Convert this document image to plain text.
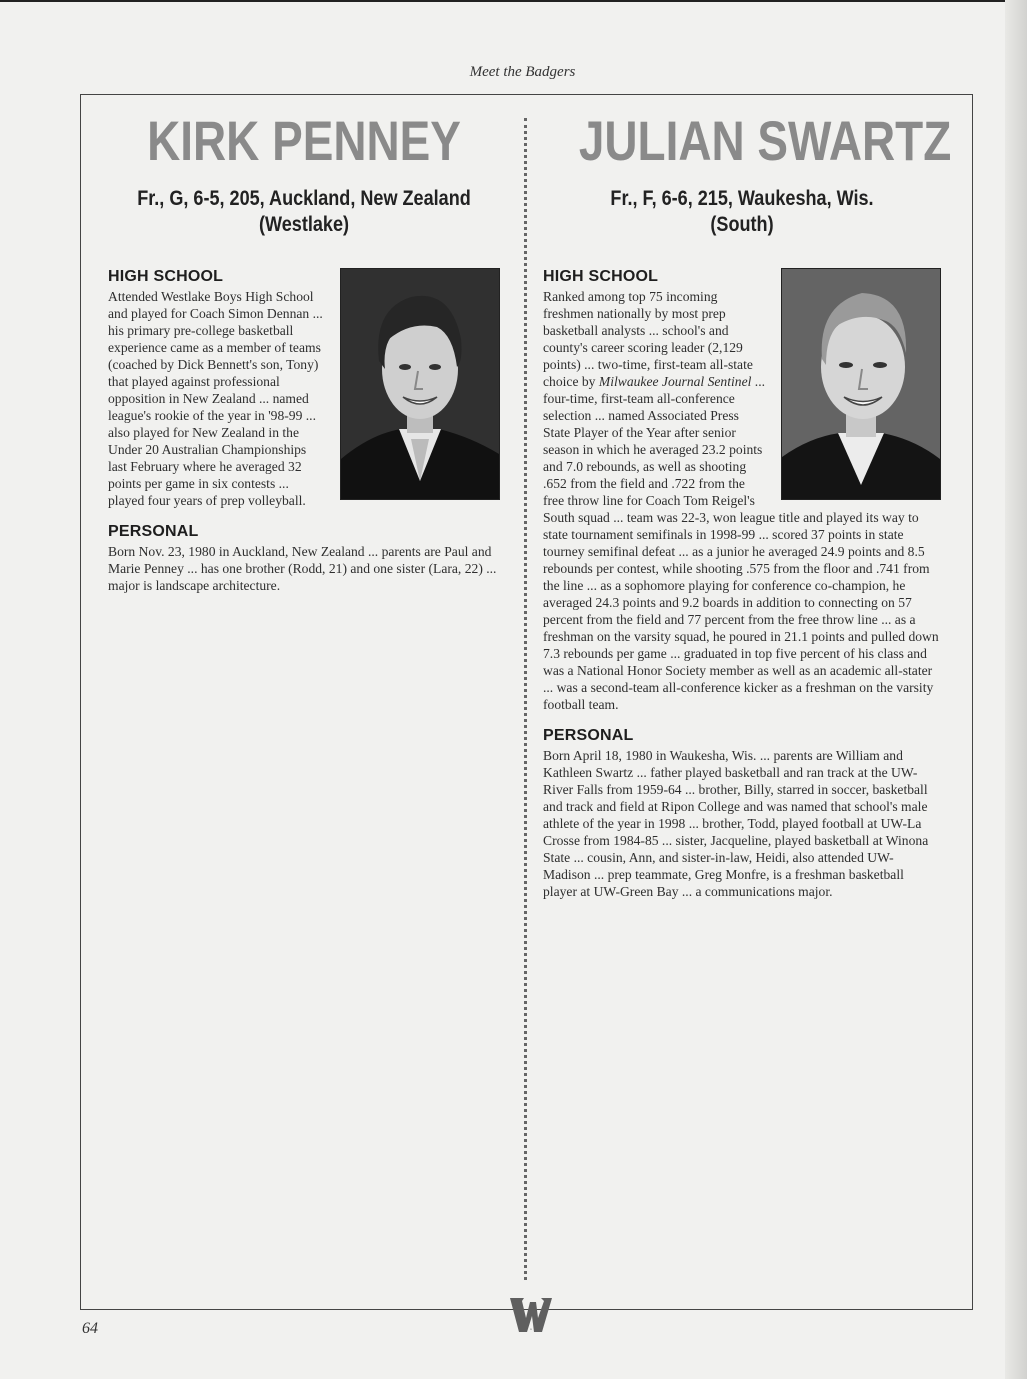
Meet the Badgers
KIRK PENNEY
Fr., G, 6-5, 205, Auckland, New Zealand
(Westlake)
HIGH SCHOOL

Attended Westlake Boys High School and played for Coach Simon Dennan ... his primary pre-college basketball experience came as a member of teams (coached by Dick Bennett's son, Tony) that played against professional opposition in New Zealand ... named league's rookie of the year in '98-99 ... also played for New Zealand in the Under 20 Australian Championships last February where he averaged 32 points per game in six contests ... played four years of prep volleyball.

PERSONAL

Born Nov. 23, 1980 in Auckland, New Zealand ... parents are Paul and Marie Penney ... has one brother (Rodd, 21) and one sister (Lara, 22) ... major is landscape architecture.

JULIAN SWARTZ
Fr., F, 6-6, 215, Waukesha, Wis.
(South)
HIGH SCHOOL

Ranked among top 75 incoming freshmen nationally by most prep basketball analysts ... school's and county's career scoring leader (2,129 points) ... two-time, first-team all-state choice by Milwaukee Journal Sentinel ... four-time, first-team all-conference selection ... named Associated Press State Player of the Year after senior season in which he averaged 23.2 points and 7.0 rebounds, as well as shooting .652 from the field and .722 from the free throw line for Coach Tom Reigel's South squad ... team was 22-3, won league title and played its way to state tournament semifinals in 1998-99 ... scored 37 points in state tourney semifinal defeat ... as a junior he averaged 24.9 points and 8.5 rebounds per contest, while shooting .575 from the floor and .741 from the line ... as a sophomore playing for conference co-champion, he averaged 24.3 points and 9.2 boards in addition to connecting on 57 percent from the field and 77 percent from the free throw line ... as a freshman on the varsity squad, he poured in 21.1 points and pulled down 7.3 rebounds per game ... graduated in top five percent of his class and was a National Honor Society member as well as an academic all-stater ... was a second-team all-conference kicker as a freshman on the varsity football team.

PERSONAL

Born April 18, 1980 in Waukesha, Wis. ... parents are William and Kathleen Swartz ... father played basketball and ran track at the UW-River Falls from 1959-64 ... brother, Billy, starred in soccer, basketball and track and field at Ripon College and was named that school's male athlete of the year in 1998 ... brother, Todd, played football at UW-La Crosse from 1984-85 ... sister, Jacqueline, played basketball at Winona State ... cousin, Ann, and sister-in-law, Heidi, also attended UW-Madison ... prep teammate, Greg Monfre, is a freshman basketball player at UW-Green Bay ... a communications major.

W
64
